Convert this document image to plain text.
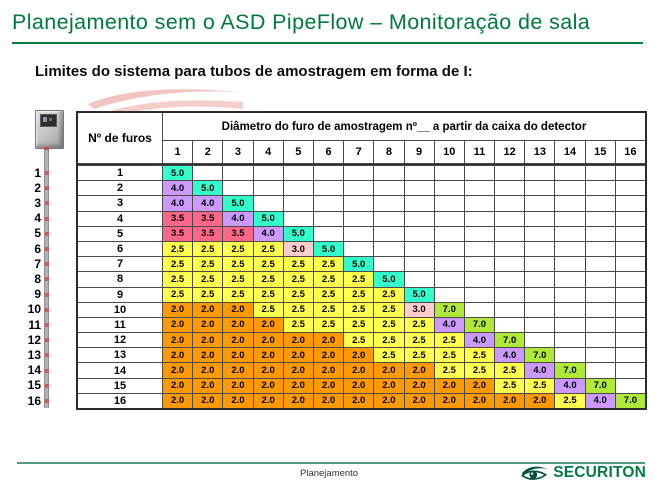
Planejamento sem o ASD PipeFlow – Monitoração de sala
Limites do sistema para tubos de amostragem em forma de I:
1
2
3
4
5
6
7
8
9
10
11
12
13
14
15
16
Nº de furos
Diâmetro do furo de amostragem nº__ a partir da caixa do detector
1	2	3	4	5	6	7	8	9	10	11	12	13	14	15	16
1	5.0
2	4.0	5.0
3	4.0	4.0	5.0
4	3.5	3.5	4.0	5.0
5	3.5	3.5	3.5	4.0	5.0
6	2.5	2.5	2.5	2.5	3.0	5.0
7	2.5	2.5	2.5	2.5	2.5	2.5	5.0
8	2.5	2.5	2.5	2.5	2.5	2.5	2.5	5.0
9	2.5	2.5	2.5	2.5	2.5	2.5	2.5	2.5	5.0
10	2.0	2.0	2.0	2.5	2.5	2.5	2.5	2.5	3.0	7.0
11	2.0	2.0	2.0	2.0	2.5	2.5	2.5	2.5	2.5	4.0	7.0
12	2.0	2.0	2.0	2.0	2.0	2.0	2.5	2.5	2.5	2.5	4.0	7.0
13	2.0	2.0	2.0	2.0	2.0	2.0	2.0	2.5	2.5	2.5	2.5	4.0	7.0
14	2.0	2.0	2.0	2.0	2.0	2.0	2.0	2.0	2.0	2.5	2.5	2.5	4.0	7.0
15	2.0	2.0	2.0	2.0	2.0	2.0	2.0	2.0	2.0	2.0	2.0	2.5	2.5	4.0	7.0
16	2.0	2.0	2.0	2.0	2.0	2.0	2.0	2.0	2.0	2.0	2.0	2.0	2.0	2.5	4.0	7.0
Planejamento	SECURITON
